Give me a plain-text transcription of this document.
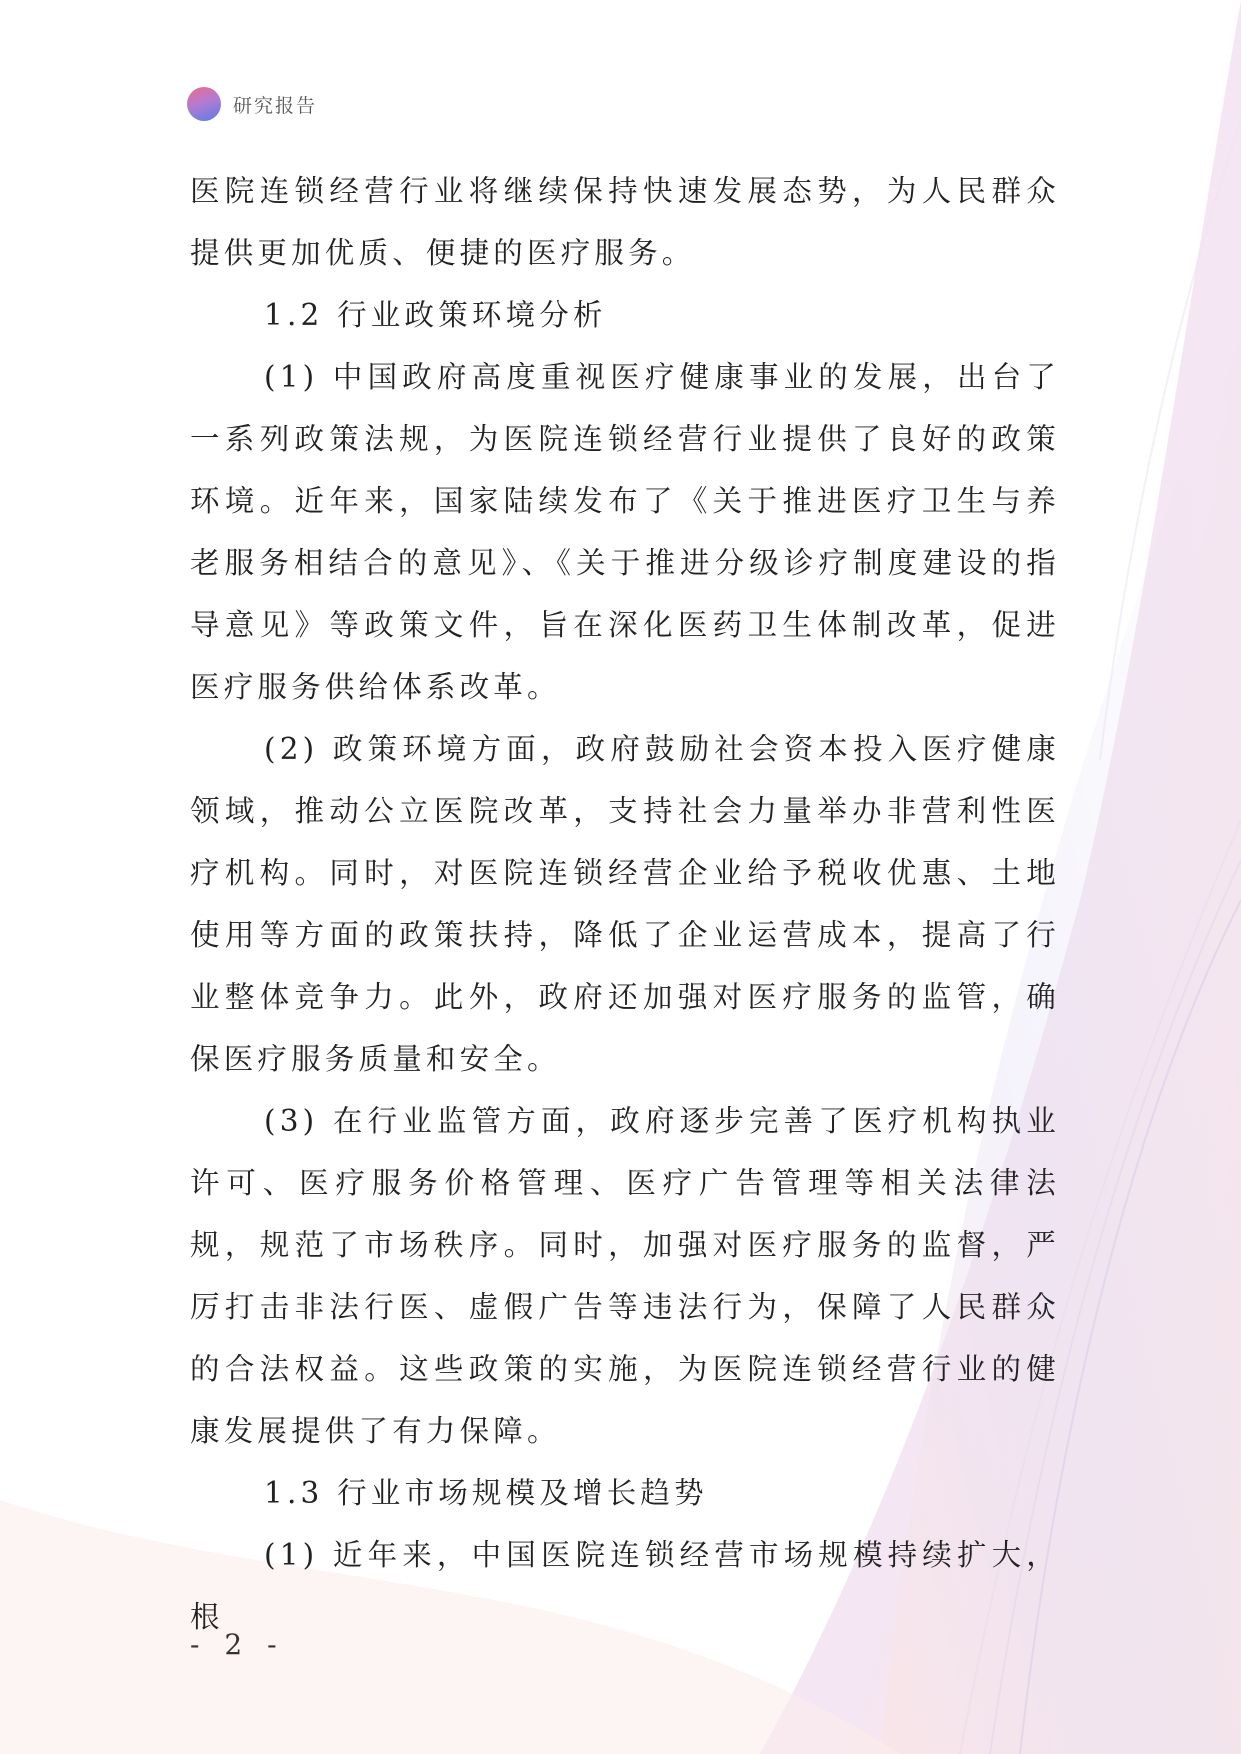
研究报告

医院连锁经营行业将继续保持快速发展态势，为人民群众提供更加优质、便捷的医疗服务。

1.2 行业政策环境分析

(1) 中国政府高度重视医疗健康事业的发展，出台了一系列政策法规，为医院连锁经营行业提供了良好的政策环境。近年来，国家陆续发布了《关于推进医疗卫生与养老服务相结合的意见》、《关于推进分级诊疗制度建设的指导意见》等政策文件，旨在深化医药卫生体制改革，促进医疗服务供给体系改革。

(2) 政策环境方面，政府鼓励社会资本投入医疗健康领域，推动公立医院改革，支持社会力量举办非营利性医疗机构。同时，对医院连锁经营企业给予税收优惠、土地使用等方面的政策扶持，降低了企业运营成本，提高了行业整体竞争力。此外，政府还加强对医疗服务的监管，确保医疗服务质量和安全。

(3) 在行业监管方面，政府逐步完善了医疗机构执业许可、医疗服务价格管理、医疗广告管理等相关法律法规，规范了市场秩序。同时，加强对医疗服务的监督，严厉打击非法行医、虚假广告等违法行为，保障了人民群众的合法权益。这些政策的实施，为医院连锁经营行业的健康发展提供了有力保障。

1.3 行业市场规模及增长趋势

(1) 近年来，中国医院连锁经营市场规模持续扩大，根

- 2 -
